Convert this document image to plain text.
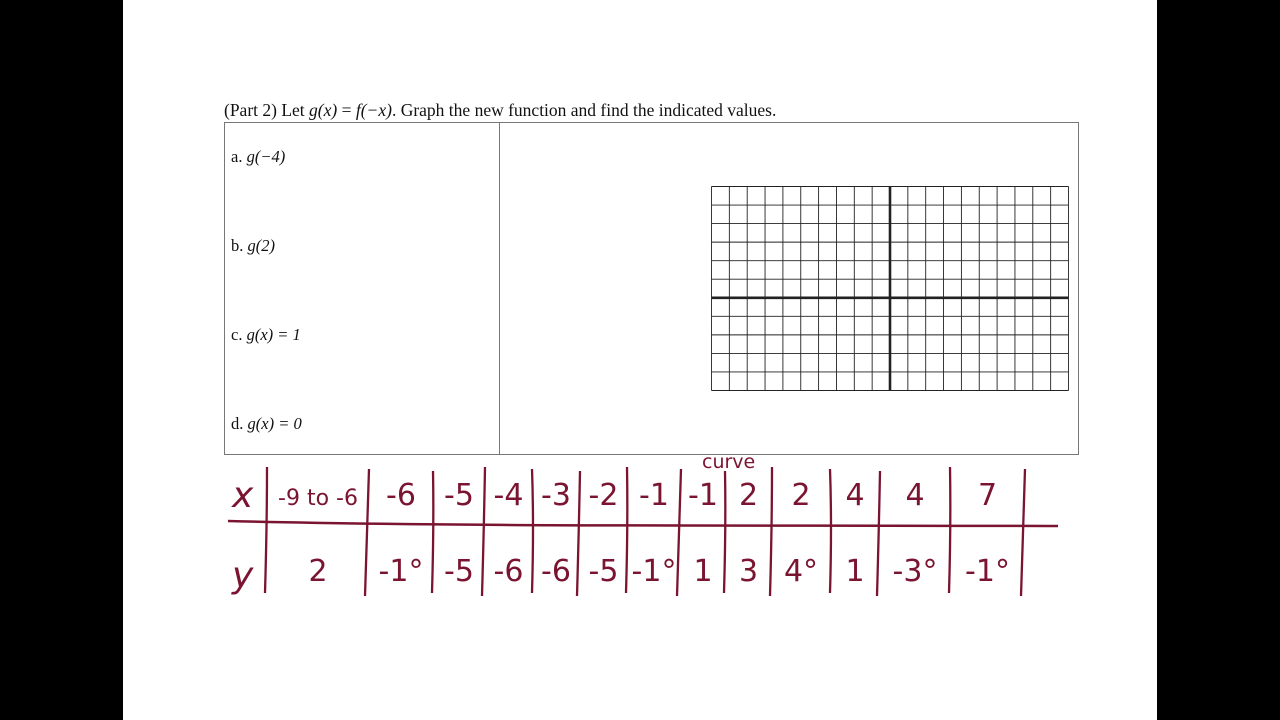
(Part 2) Let g(x) = f(−x). Graph the new function and find the indicated values.
a. g(−4)
b. g(2)
c. g(x) = 1
d. g(x) = 0
curve
x
y
-9 to -6 -6 -5 -4 -3 -2 -1 -1 2 2 4 4 7
2 -1° -5 -6 -6 -5 -1° 1 3 4° 1 -3° -1°
